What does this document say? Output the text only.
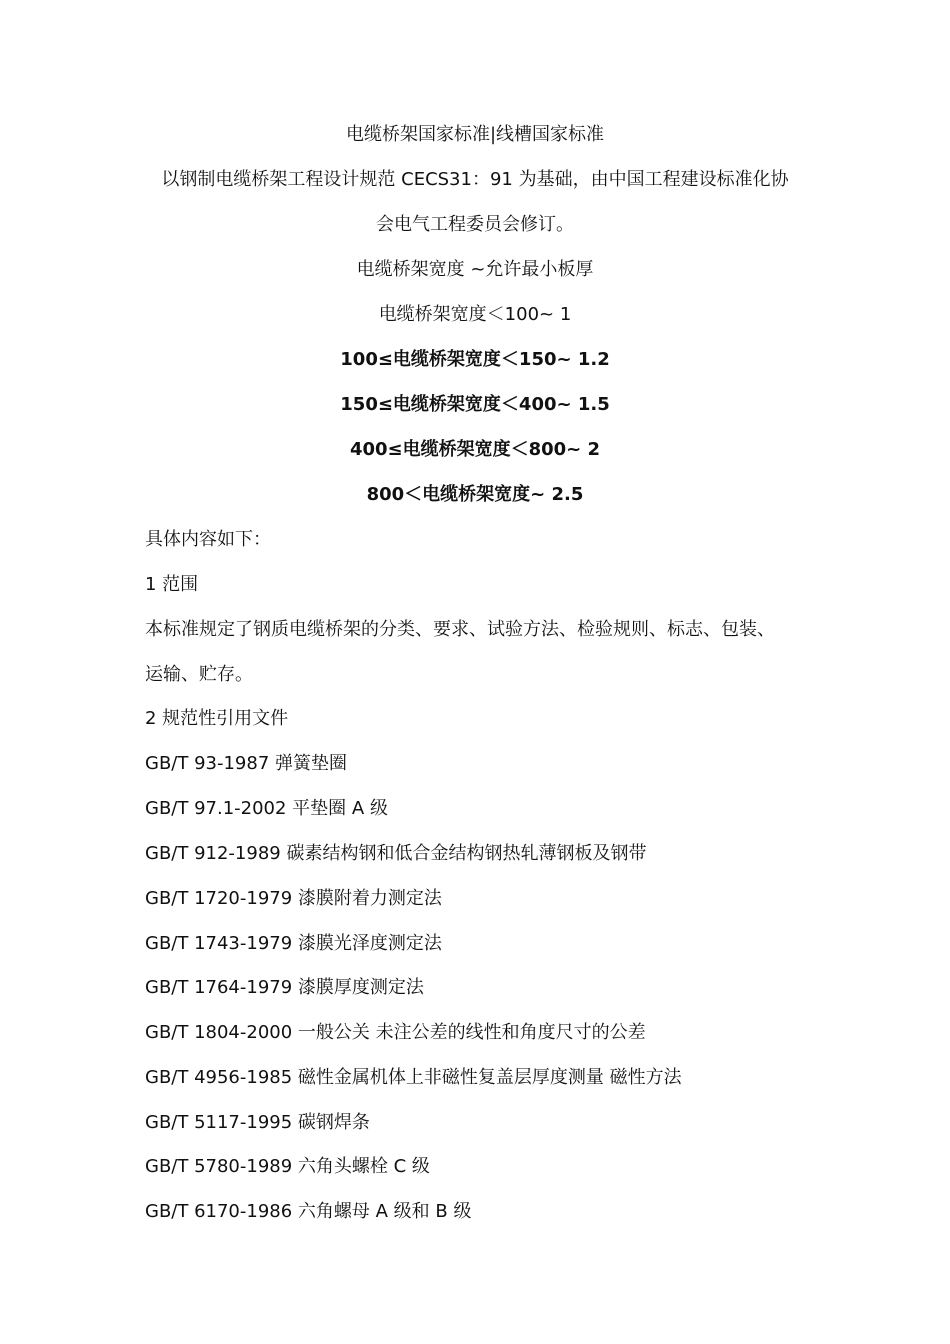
电缆桥架国家标准|线槽国家标准
以钢制电缆桥架工程设计规范 CECS31：91 为基础，由中国工程建设标准化协
会电气工程委员会修订。
电缆桥架宽度 ~允许最小板厚
电缆桥架宽度＜100~ 1
100≤电缆桥架宽度＜150~ 1.2
150≤电缆桥架宽度＜400~ 1.5
400≤电缆桥架宽度＜800~ 2
800＜电缆桥架宽度~ 2.5
具体内容如下：
1 范围
本标准规定了钢质电缆桥架的分类、要求、试验方法、检验规则、标志、包装、
运输、贮存。
2 规范性引用文件
GB/T 93-1987 弹簧垫圈
GB/T 97.1-2002 平垫圈 A 级
GB/T 912-1989 碳素结构钢和低合金结构钢热轧薄钢板及钢带
GB/T 1720-1979 漆膜附着力测定法
GB/T 1743-1979 漆膜光泽度测定法
GB/T 1764-1979 漆膜厚度测定法
GB/T 1804-2000 一般公关 未注公差的线性和角度尺寸的公差
GB/T 4956-1985 磁性金属机体上非磁性复盖层厚度测量 磁性方法
GB/T 5117-1995 碳钢焊条
GB/T 5780-1989 六角头螺栓 C 级
GB/T 6170-1986 六角螺母 A 级和 B 级
